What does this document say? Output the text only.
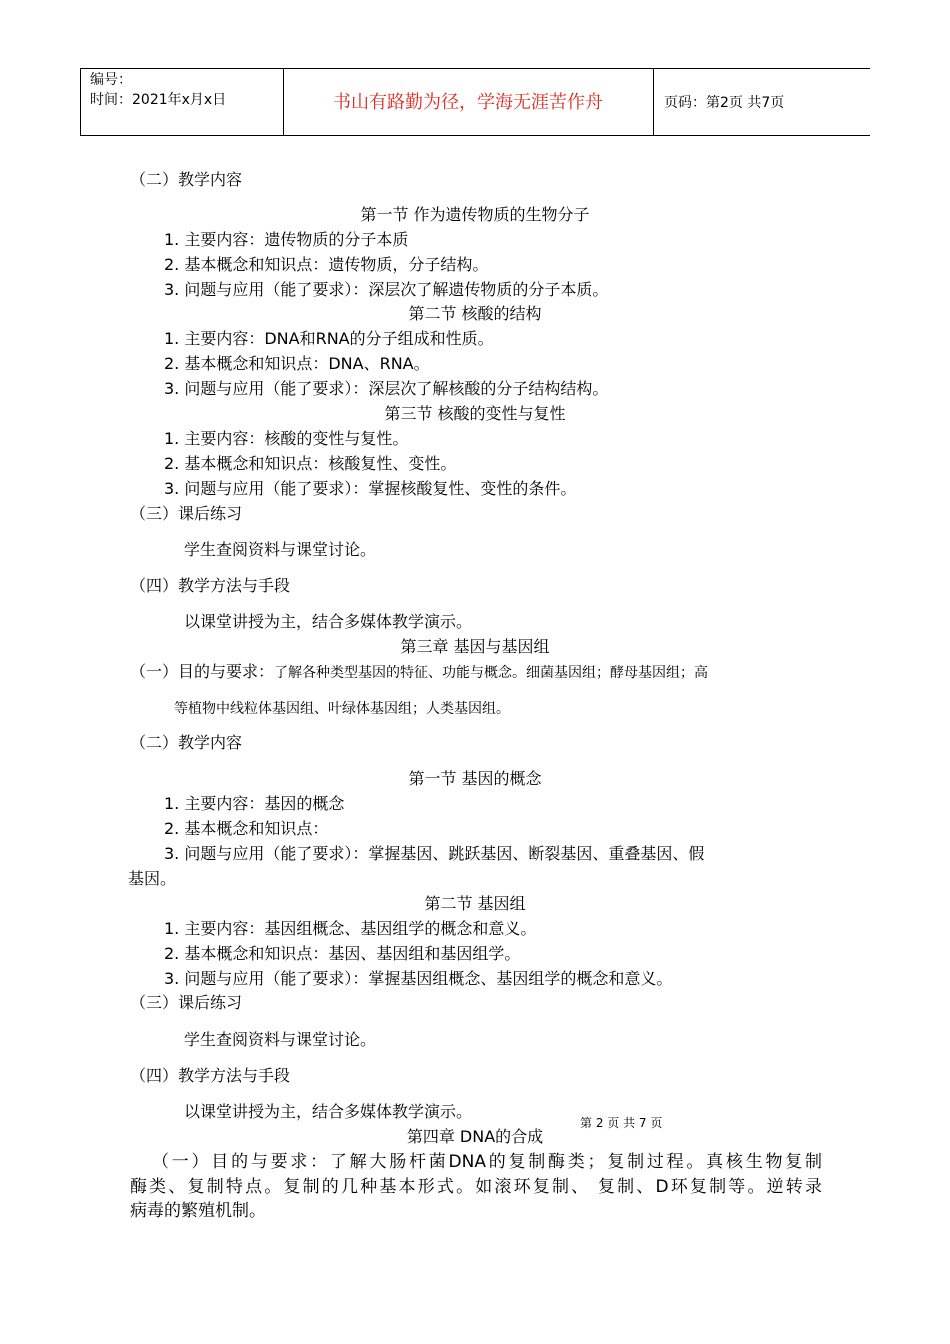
编号：
时间：2021年x月x日	书山有路勤为径，学海无涯苦作舟	页码：第2页 共7页
（二）教学内容
第一节 作为遗传物质的生物分子
1. 主要内容：遗传物质的分子本质
2. 基本概念和知识点：遗传物质，分子结构。
3. 问题与应用（能了要求）：深层次了解遗传物质的分子本质。
第二节 核酸的结构
1. 主要内容：DNA和RNA的分子组成和性质。
2. 基本概念和知识点：DNA、RNA。
3. 问题与应用（能了要求）：深层次了解核酸的分子结构结构。
第三节 核酸的变性与复性
1. 主要内容：核酸的变性与复性。
2. 基本概念和知识点：核酸复性、变性。
3. 问题与应用（能了要求）：掌握核酸复性、变性的条件。
（三）课后练习
学生查阅资料与课堂讨论。
（四）教学方法与手段
以课堂讲授为主，结合多媒体教学演示。
第三章 基因与基因组
（一）目的与要求：了解各种类型基因的特征、功能与概念。细菌基因组；酵母基因组；高
等植物中线粒体基因组、叶绿体基因组；人类基因组。
（二）教学内容
第一节 基因的概念
1. 主要内容：基因的概念
2. 基本概念和知识点：
3. 问题与应用（能了要求）：掌握基因、跳跃基因、断裂基因、重叠基因、假
基因。
第二节 基因组
1. 主要内容：基因组概念、基因组学的概念和意义。
2. 基本概念和知识点：基因、基因组和基因组学。
3. 问题与应用（能了要求）：掌握基因组概念、基因组学的概念和意义。
（三）课后练习
学生查阅资料与课堂讨论。
（四）教学方法与手段
以课堂讲授为主，结合多媒体教学演示。
第 2 页 共 7 页
第四章 DNA的合成
（一）目的与要求：了解大肠杆菌DNA的复制酶类；复制过程。真核生物复制
酶类、复制特点。复制的几种基本形式。如滚环复制、 复制、D环复制等。逆转录
病毒的繁殖机制。
